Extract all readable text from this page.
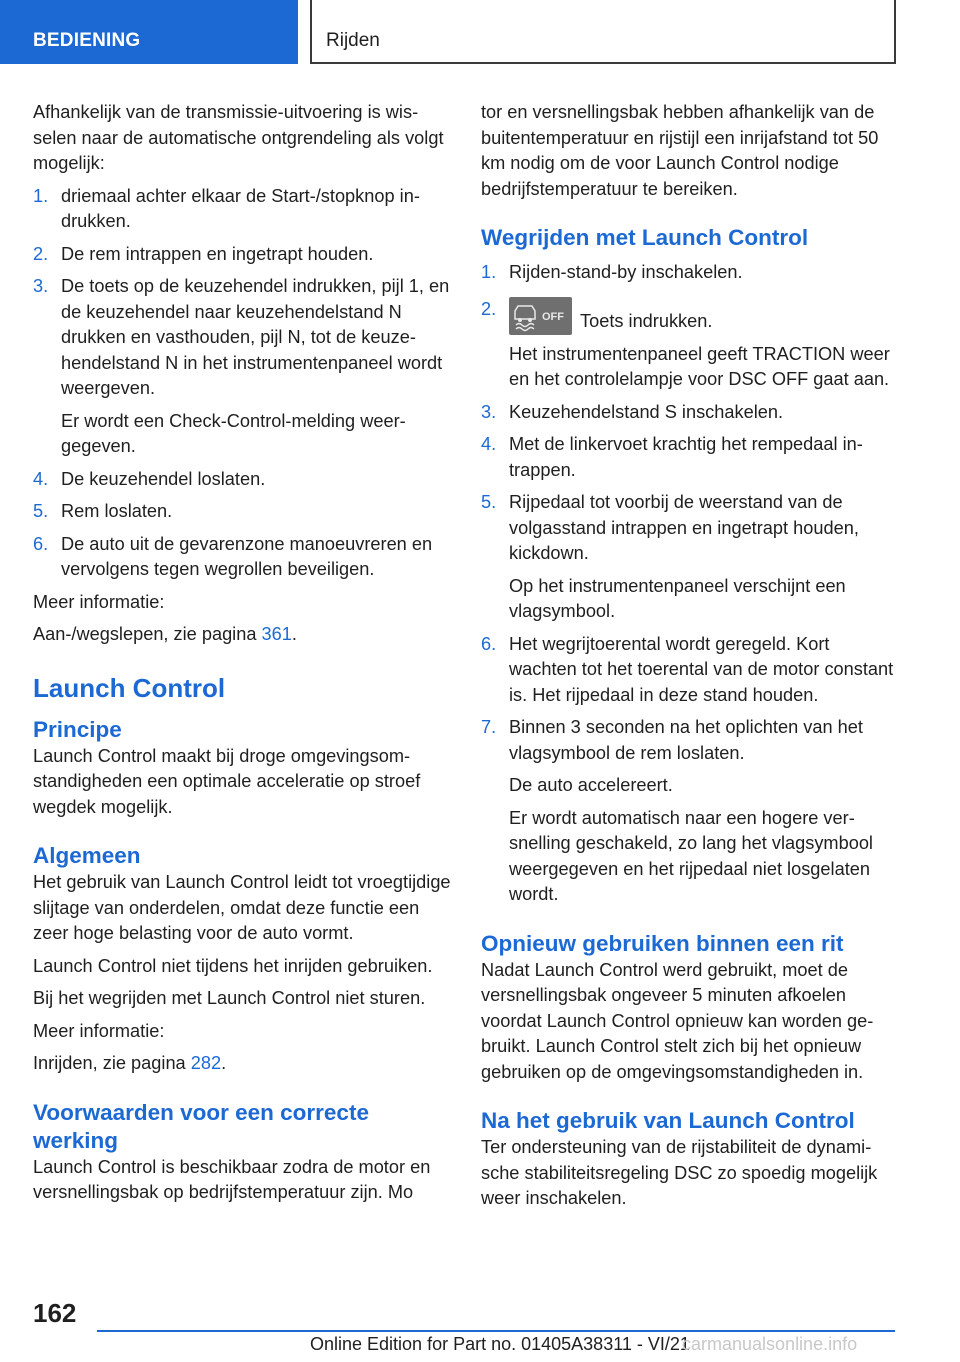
BEDIENING	Rijden

Afhankelijk van de transmissie-uitvoering is wisselen naar de automatische ontgrendeling als volgt mogelijk:

1. driemaal achter elkaar de Start-/stopknop indrukken.
2. De rem intrappen en ingetrapt houden.
3. De toets op de keuzehendel indrukken, pijl 1, en de keuzehendel naar keuzehendelstand N drukken en vasthouden, pijl N, tot de keuzehendelstand N in het instrumentenpaneel wordt weergeven.
Er wordt een Check-Control-melding weergegeven.
4. De keuzehendel loslaten.
5. Rem loslaten.
6. De auto uit de gevarenzone manoeuvreren en vervolgens tegen wegrollen beveiligen.

Meer informatie:

Aan-/wegslepen, zie pagina 361.

Launch Control
Principe

Launch Control maakt bij droge omgevingsomstandigheden een optimale acceleratie op stroef wegdek mogelijk.

Algemeen

Het gebruik van Launch Control leidt tot vroegtijdige slijtage van onderdelen, omdat deze functie een zeer hoge belasting voor de auto vormt.

Launch Control niet tijdens het inrijden gebruiken.

Bij het wegrijden met Launch Control niet sturen.

Meer informatie:

Inrijden, zie pagina 282.

Voorwaarden voor een correcte werking

Launch Control is beschikbaar zodra de motor en versnellingsbak op bedrijfstemperatuur zijn. Mo

tor en versnellingsbak hebben afhankelijk van de buitentemperatuur en rijstijl een inrijafstand tot 50 km nodig om de voor Launch Control nodige bedrijfstemperatuur te bereiken.

Wegrijden met Launch Control
1. Rijden-stand-by inschakelen.
2.	OFF Toets indrukken.
Het instrumentenpaneel geeft TRACTION weer en het controlelampje voor DSC OFF gaat aan.
3. Keuzehendelstand S inschakelen.
4. Met de linkervoet krachtig het rempedaal intrappen.
5. Rijpedaal tot voorbij de weerstand van de volgasstand intrappen en ingetrapt houden, kickdown.
Op het instrumentenpaneel verschijnt een vlagsymbool.
6. Het wegrijtoerental wordt geregeld. Kort wachten tot het toerental van de motor constant is. Het rijpedaal in deze stand houden.
7. Binnen 3 seconden na het oplichten van het vlagsymbool de rem loslaten.
De auto accelereert.
Er wordt automatisch naar een hogere versnelling geschakeld, zo lang het vlagsymbool weergegeven en het rijpedaal niet losgelaten wordt.
Opnieuw gebruiken binnen een rit

Nadat Launch Control werd gebruikt, moet de versnellingsbak ongeveer 5 minuten afkoelen voordat Launch Control opnieuw kan worden gebruikt. Launch Control stelt zich bij het opnieuw gebruiken op de omgevingsomstandigheden in.

Na het gebruik van Launch Control

Ter ondersteuning van de rijstabiliteit de dynamische stabiliteitsregeling DSC zo spoedig mogelijk weer inschakelen.

162
Online Edition for Part no. 01405A38311 - VI/21
carmanualsonline.info
